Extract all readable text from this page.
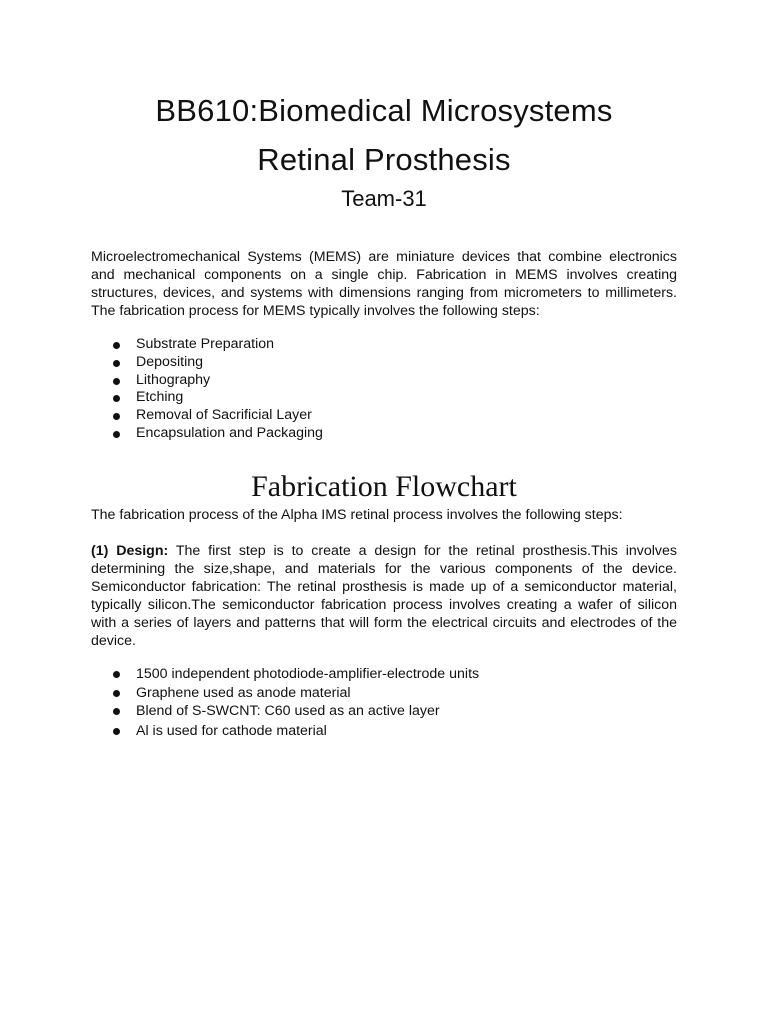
BB610:Biomedical Microsystems
Retinal Prosthesis

Team-31

Microelectromechanical Systems (MEMS) are miniature devices that combine electronics and mechanical components on a single chip. Fabrication in MEMS involves creating structures, devices, and systems with dimensions ranging from micrometers to millimeters. The fabrication process for MEMS typically involves the following steps:

Substrate Preparation
Depositing
Lithography
Etching
Removal of Sacrificial Layer
Encapsulation and Packaging
Fabrication Flowchart

The fabrication process of the Alpha IMS retinal process involves the following steps:

(1) Design: The first step is to create a design for the retinal prosthesis.This involves determining the size,shape, and materials for the various components of the device. Semiconductor fabrication: The retinal prosthesis is made up of a semiconductor material, typically silicon.The semiconductor fabrication process involves creating a wafer of silicon with a series of layers and patterns that will form the electrical circuits and electrodes of the device.

1500 independent photodiode-amplifier-electrode units
Graphene used as anode material
Blend of S-SWCNT: C60 used as an active layer
Al is used for cathode material
